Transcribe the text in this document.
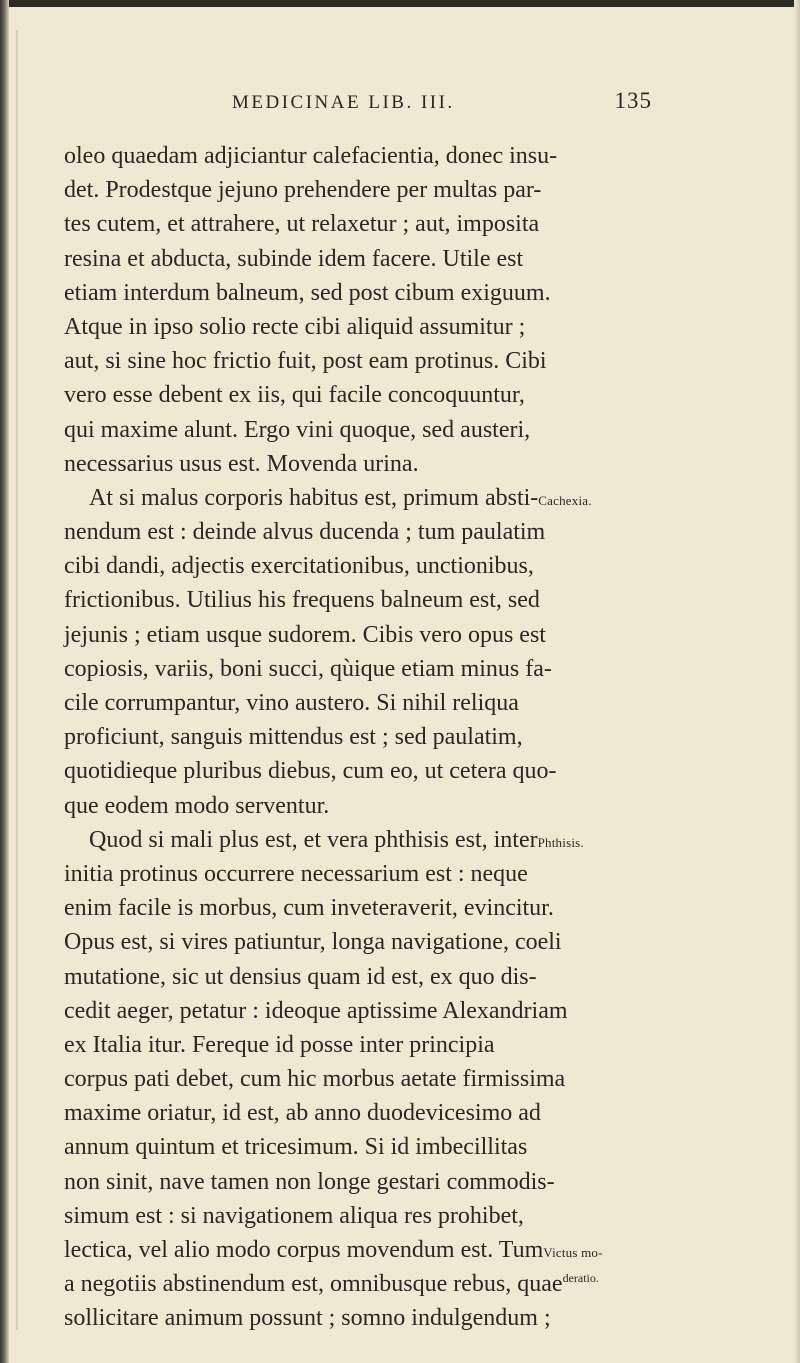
MEDICINAE LIB. III.	135
oleo quaedam adjiciantur calefacientia, donec insu-
det. Prodestque jejuno prehendere per multas par-
tes cutem, et attrahere, ut relaxetur ; aut, imposita
resina et abducta, subinde idem facere. Utile est
etiam interdum balneum, sed post cibum exiguum.
Atque in ipso solio recte cibi aliquid assumitur ;
aut, si sine hoc frictio fuit, post eam protinus. Cibi
vero esse debent ex iis, qui facile concoquuntur,
qui maxime alunt. Ergo vini quoque, sed austeri,
necessarius usus est. Movenda urina.
At si malus corporis habitus est, primum absti-Cachexia.
nendum est : deinde alvus ducenda ; tum paulatim
cibi dandi, adjectis exercitationibus, unctionibus,
frictionibus. Utilius his frequens balneum est, sed
jejunis ; etiam usque sudorem. Cibis vero opus est
copiosis, variis, boni succi, qùique etiam minus fa-
cile corrumpantur, vino austero. Si nihil reliqua
proficiunt, sanguis mittendus est ; sed paulatim,
quotidieque pluribus diebus, cum eo, ut cetera quo-
que eodem modo serventur.
Quod si mali plus est, et vera phthisis est, interPhthisis.
initia protinus occurrere necessarium est : neque
enim facile is morbus, cum inveteraverit, evincitur.
Opus est, si vires patiuntur, longa navigatione, coeli
mutatione, sic ut densius quam id est, ex quo dis-
cedit aeger, petatur : ideoque aptissime Alexandriam
ex Italia itur. Fereque id posse inter principia
corpus pati debet, cum hic morbus aetate firmissima
maxime oriatur, id est, ab anno duodevicesimo ad
annum quintum et tricesimum. Si id imbecillitas
non sinit, nave tamen non longe gestari commodis-
simum est : si navigationem aliqua res prohibet,
lectica, vel alio modo corpus movendum est. TumVictus mo-
a negotiis abstinendum est, omnibusque rebus, quae$^{deratio.}$
sollicitare animum possunt ; somno indulgendum ;
